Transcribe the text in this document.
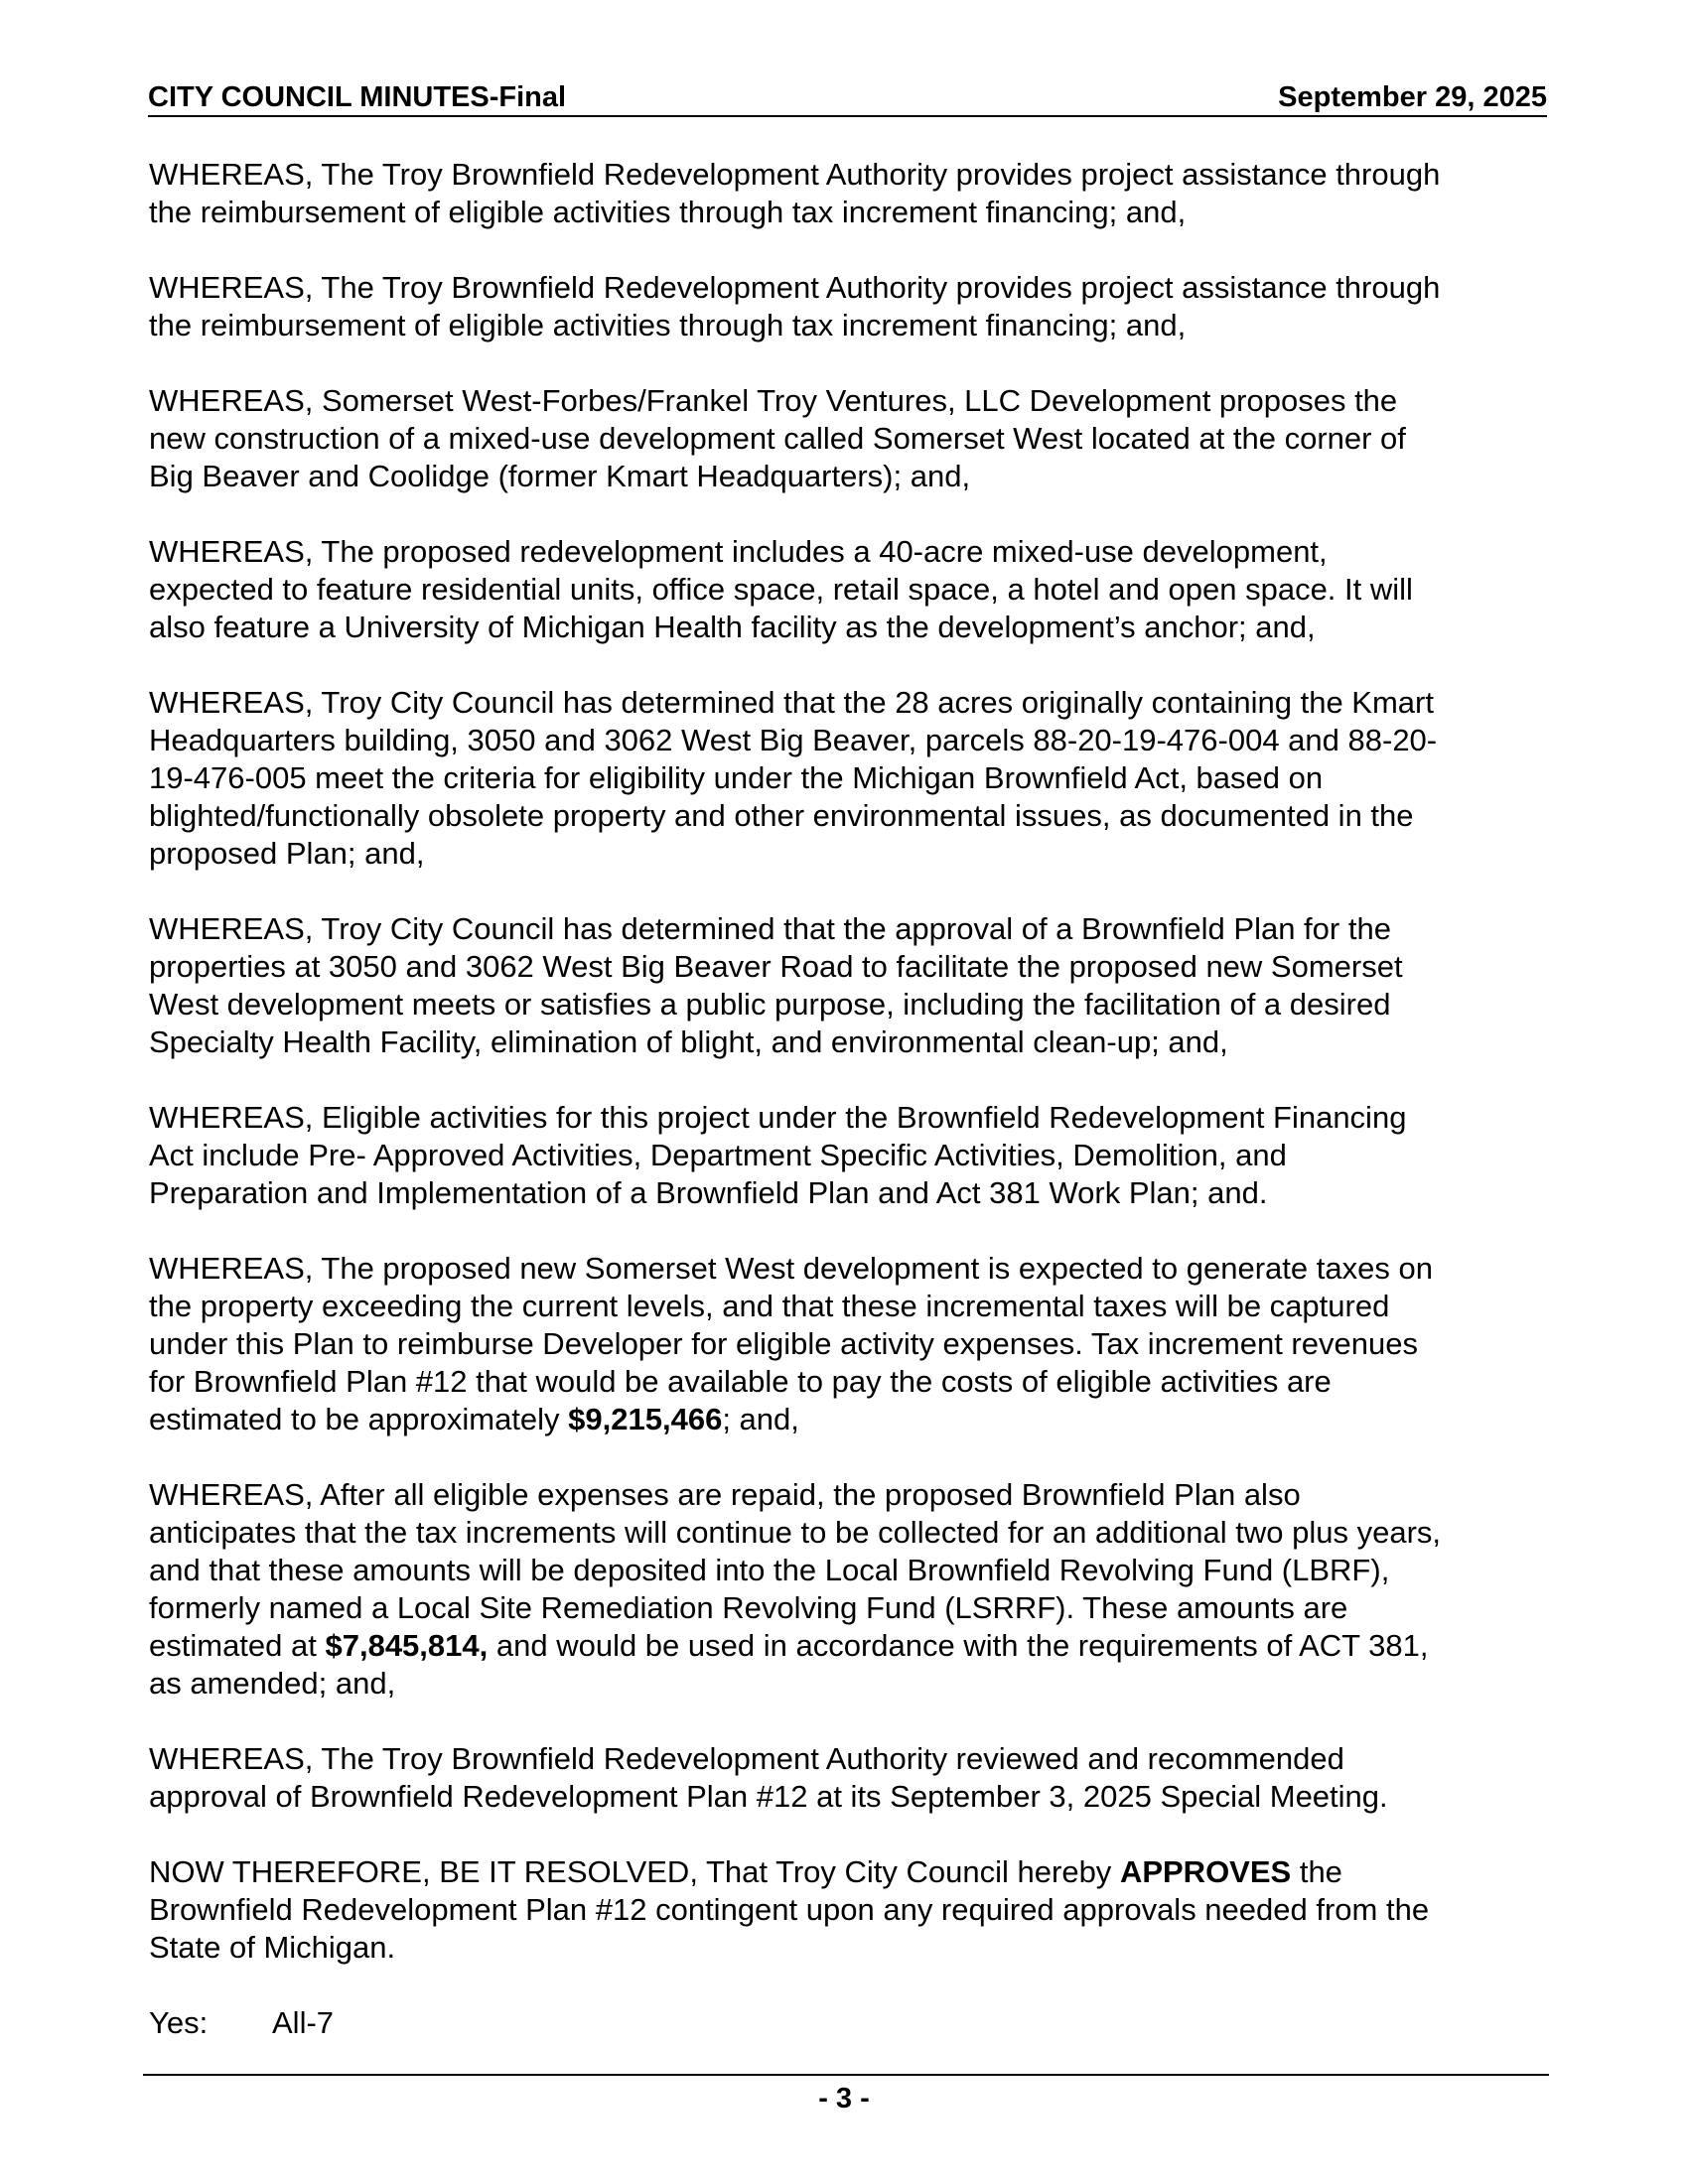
CITY COUNCIL MINUTES-Final	September 29, 2025

WHEREAS, The Troy Brownfield Redevelopment Authority provides project assistance through
the reimbursement of eligible activities through tax increment financing; and,

WHEREAS, The Troy Brownfield Redevelopment Authority provides project assistance through
the reimbursement of eligible activities through tax increment financing; and,

WHEREAS, Somerset West-Forbes/Frankel Troy Ventures, LLC Development proposes the
new construction of a mixed-use development called Somerset West located at the corner of
Big Beaver and Coolidge (former Kmart Headquarters); and,

WHEREAS, The proposed redevelopment includes a 40-acre mixed-use development,
expected to feature residential units, office space, retail space, a hotel and open space. It will
also feature a University of Michigan Health facility as the development’s anchor; and,

WHEREAS, Troy City Council has determined that the 28 acres originally containing the Kmart
Headquarters building, 3050 and 3062 West Big Beaver, parcels 88-20-19-476-004 and 88-20-
19-476-005 meet the criteria for eligibility under the Michigan Brownfield Act, based on
blighted/functionally obsolete property and other environmental issues, as documented in the
proposed Plan; and,

WHEREAS, Troy City Council has determined that the approval of a Brownfield Plan for the
properties at 3050 and 3062 West Big Beaver Road to facilitate the proposed new Somerset
West development meets or satisfies a public purpose, including the facilitation of a desired
Specialty Health Facility, elimination of blight, and environmental clean-up; and,

WHEREAS, Eligible activities for this project under the Brownfield Redevelopment Financing
Act include Pre- Approved Activities, Department Specific Activities, Demolition, and
Preparation and Implementation of a Brownfield Plan and Act 381 Work Plan; and.

WHEREAS, The proposed new Somerset West development is expected to generate taxes on
the property exceeding the current levels, and that these incremental taxes will be captured
under this Plan to reimburse Developer for eligible activity expenses. Tax increment revenues
for Brownfield Plan #12 that would be available to pay the costs of eligible activities are
estimated to be approximately $9,215,466; and,

WHEREAS, After all eligible expenses are repaid, the proposed Brownfield Plan also
anticipates that the tax increments will continue to be collected for an additional two plus years,
and that these amounts will be deposited into the Local Brownfield Revolving Fund (LBRF),
formerly named a Local Site Remediation Revolving Fund (LSRRF). These amounts are
estimated at $7,845,814, and would be used in accordance with the requirements of ACT 381,
as amended; and,

WHEREAS, The Troy Brownfield Redevelopment Authority reviewed and recommended
approval of Brownfield Redevelopment Plan #12 at its September 3, 2025 Special Meeting.

NOW THEREFORE, BE IT RESOLVED, That Troy City Council hereby APPROVES the
Brownfield Redevelopment Plan #12 contingent upon any required approvals needed from the
State of Michigan.

Yes: All-7
- 3 -
